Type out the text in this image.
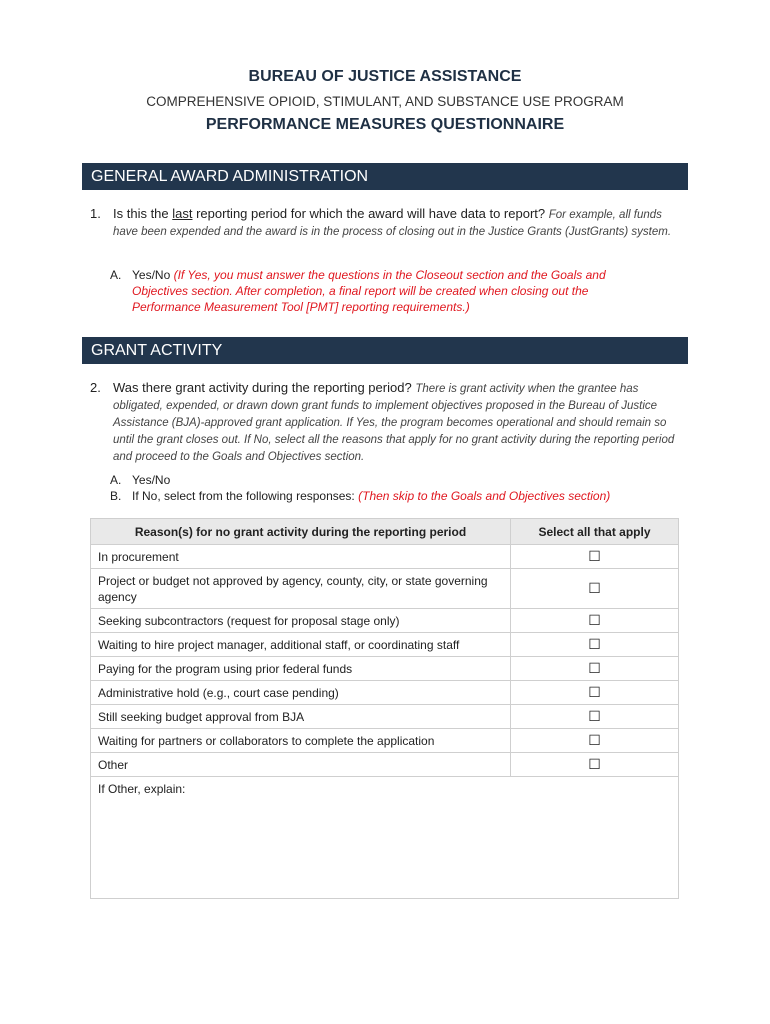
BUREAU OF JUSTICE ASSISTANCE
COMPREHENSIVE OPIOID, STIMULANT, AND SUBSTANCE USE PROGRAM
PERFORMANCE MEASURES QUESTIONNAIRE
GENERAL AWARD ADMINISTRATION
1. Is this the last reporting period for which the award will have data to report? For example, all funds have been expended and the award is in the process of closing out in the Justice Grants (JustGrants) system.
A. Yes/No (If Yes, you must answer the questions in the Closeout section and the Goals and Objectives section. After completion, a final report will be created when closing out the Performance Measurement Tool [PMT] reporting requirements.)
GRANT ACTIVITY
2. Was there grant activity during the reporting period? There is grant activity when the grantee has obligated, expended, or drawn down grant funds to implement objectives proposed in the Bureau of Justice Assistance (BJA)-approved grant application. If Yes, the program becomes operational and should remain so until the grant closes out. If No, select all the reasons that apply for no grant activity during the reporting period and proceed to the Goals and Objectives section.
A. Yes/No
B. If No, select from the following responses: (Then skip to the Goals and Objectives section)
Reason(s) for no grant activity during the reporting period	Select all that apply
In procurement	☐
Project or budget not approved by agency, county, city, or state governing agency	☐
Seeking subcontractors (request for proposal stage only)	☐
Waiting to hire project manager, additional staff, or coordinating staff	☐
Paying for the program using prior federal funds	☐
Administrative hold (e.g., court case pending)	☐
Still seeking budget approval from BJA	☐
Waiting for partners or collaborators to complete the application	☐
Other	☐
If Other, explain:	
